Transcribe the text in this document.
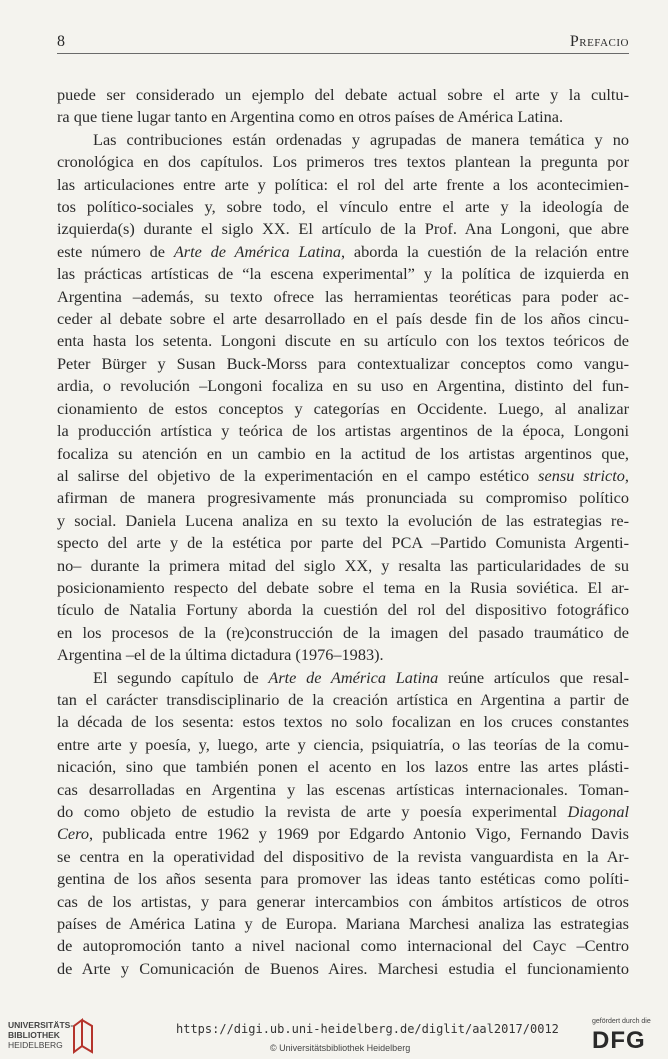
8	Prefacio

puede ser considerado un ejemplo del debate actual sobre el arte y la cultu-
ra que tiene lugar tanto en Argentina como en otros países de América Latina.

Las contribuciones están ordenadas y agrupadas de manera temática y no
cronológica en dos capítulos. Los primeros tres textos plantean la pregunta por
las articulaciones entre arte y política: el rol del arte frente a los acontecimien-
tos político-sociales y, sobre todo, el vínculo entre el arte y la ideología de
izquierda(s) durante el siglo XX. El artículo de la Prof. Ana Longoni, que abre
este número de Arte de América Latina, aborda la cuestión de la relación entre
las prácticas artísticas de “la escena experimental” y la política de izquierda en
Argentina –además, su texto ofrece las herramientas teoréticas para poder ac-
ceder al debate sobre el arte desarrollado en el país desde fin de los años cincu-
enta hasta los setenta. Longoni discute en su artículo con los textos teóricos de
Peter Bürger y Susan Buck-Morss para contextualizar conceptos como vangu-
ardia, o revolución –Longoni focaliza en su uso en Argentina, distinto del fun-
cionamiento de estos conceptos y categorías en Occidente. Luego, al analizar
la producción artística y teórica de los artistas argentinos de la época, Longoni
focaliza su atención en un cambio en la actitud de los artistas argentinos que,
al salirse del objetivo de la experimentación en el campo estético sensu stricto,
afirman de manera progresivamente más pronunciada su compromiso político
y social. Daniela Lucena analiza en su texto la evolución de las estrategias re-
specto del arte y de la estética por parte del PCA –Partido Comunista Argenti-
no– durante la primera mitad del siglo XX, y resalta las particularidades de su
posicionamiento respecto del debate sobre el tema en la Rusia soviética. El ar-
tículo de Natalia Fortuny aborda la cuestión del rol del dispositivo fotográfico
en los procesos de la (re)construcción de la imagen del pasado traumático de
Argentina –el de la última dictadura (1976–1983).

El segundo capítulo de Arte de América Latina reúne artículos que resal-
tan el carácter transdisciplinario de la creación artística en Argentina a partir de
la década de los sesenta: estos textos no solo focalizan en los cruces constantes
entre arte y poesía, y, luego, arte y ciencia, psiquiatría, o las teorías de la comu-
nicación, sino que también ponen el acento en los lazos entre las artes plásti-
cas desarrolladas en Argentina y las escenas artísticas internacionales. Toman-
do como objeto de estudio la revista de arte y poesía experimental Diagonal
Cero, publicada entre 1962 y 1969 por Edgardo Antonio Vigo, Fernando Davis
se centra en la operatividad del dispositivo de la revista vanguardista en la Ar-
gentina de los años sesenta para promover las ideas tanto estéticas como políti-
cas de los artistas, y para generar intercambios con ámbitos artísticos de otros
países de América Latina y de Europa. Mariana Marchesi analiza las estrategias
de autopromoción tanto a nivel nacional como internacional del Cayc –Centro
de Arte y Comunicación de Buenos Aires. Marchesi estudia el funcionamiento

UNIVERSITÄTS-
BIBLIOTHEK
HEIDELBERG
https://digi.ub.uni-heidelberg.de/diglit/aal2017/0012
© Universitätsbibliothek Heidelberg
gefördert durch die
DFG
